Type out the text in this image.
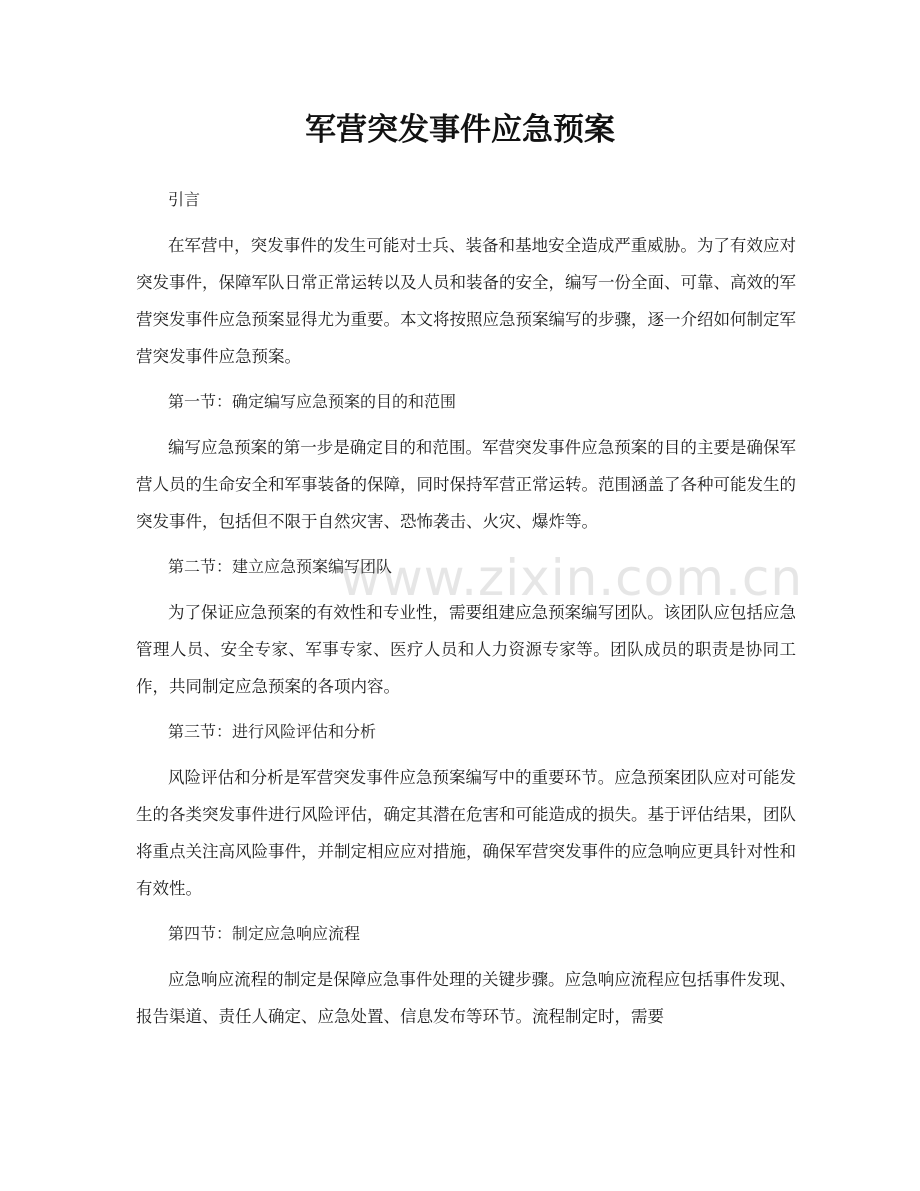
军营突发事件应急预案
www.zixin.com.cn

引言

在军营中，突发事件的发生可能对士兵、装备和基地安全造成严重威胁。为了有效应对突发事件，保障军队日常正常运转以及人员和装备的安全，编写一份全面、可靠、高效的军营突发事件应急预案显得尤为重要。本文将按照应急预案编写的步骤，逐一介绍如何制定军营突发事件应急预案。

第一节：确定编写应急预案的目的和范围

编写应急预案的第一步是确定目的和范围。军营突发事件应急预案的目的主要是确保军营人员的生命安全和军事装备的保障，同时保持军营正常运转。范围涵盖了各种可能发生的突发事件，包括但不限于自然灾害、恐怖袭击、火灾、爆炸等。

第二节：建立应急预案编写团队

为了保证应急预案的有效性和专业性，需要组建应急预案编写团队。该团队应包括应急管理人员、安全专家、军事专家、医疗人员和人力资源专家等。团队成员的职责是协同工作，共同制定应急预案的各项内容。

第三节：进行风险评估和分析

风险评估和分析是军营突发事件应急预案编写中的重要环节。应急预案团队应对可能发生的各类突发事件进行风险评估，确定其潜在危害和可能造成的损失。基于评估结果，团队将重点关注高风险事件，并制定相应应对措施，确保军营突发事件的应急响应更具针对性和有效性。

第四节：制定应急响应流程

应急响应流程的制定是保障应急事件处理的关键步骤。应急响应流程应包括事件发现、报告渠道、责任人确定、应急处置、信息发布等环节。流程制定时，需要
